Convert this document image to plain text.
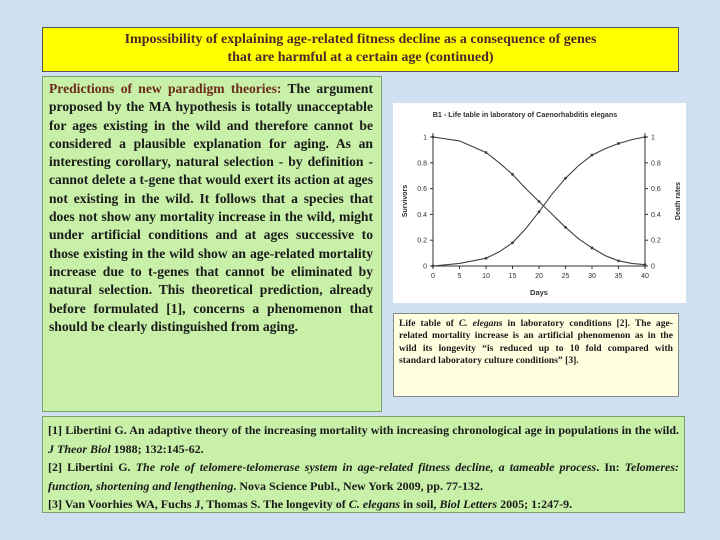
Impossibility of explaining age-related fitness decline as a consequence of genes
that are harmful at a certain age (continued)
Predictions of new paradigm theories: The argument proposed by the MA hypothesis is totally unacceptable for ages existing in the wild and therefore cannot be considered a plausible explanation for aging. As an interesting corollary, natural selection - by definition - cannot delete a t-gene that would exert its action at ages not existing in the wild. It follows that a species that does not show any mortality increase in the wild, might under artificial conditions and at ages successive to those existing in the wild show an age-related mortality increase due to t-genes that cannot be eliminated by natural selection. This theoretical prediction, already before formulated [1], concerns a phenomenon that should be clearly distinguished from aging.
B1 - Life table in laboratory of Caenorhabditis elegans
Survivors	Death rates
Days
0
0.2
0.4
0.6
0.8
1
0
0.2
0.4
0.6
0.8
1
0	5	10	15	20	25	30	35	40
Life table of C. elegans in laboratory conditions [2]. The age-related mortality increase is an artificial phenomenon as in the wild its longevity “is reduced up to 10 fold compared with standard laboratory culture conditions” [3].
[1] Libertini G. An adaptive theory of the increasing mortality with increasing chronological age in populations in the wild. J Theor Biol 1988; 132:145-62.
[2] Libertini G. The role of telomere-telomerase system in age-related fitness decline, a tameable process. In: Telomeres: function, shortening and lengthening. Nova Science Publ., New York 2009, pp. 77-132.
[3] Van Voorhies WA, Fuchs J, Thomas S. The longevity of C. elegans in soil, Biol Letters 2005; 1:247-9.
